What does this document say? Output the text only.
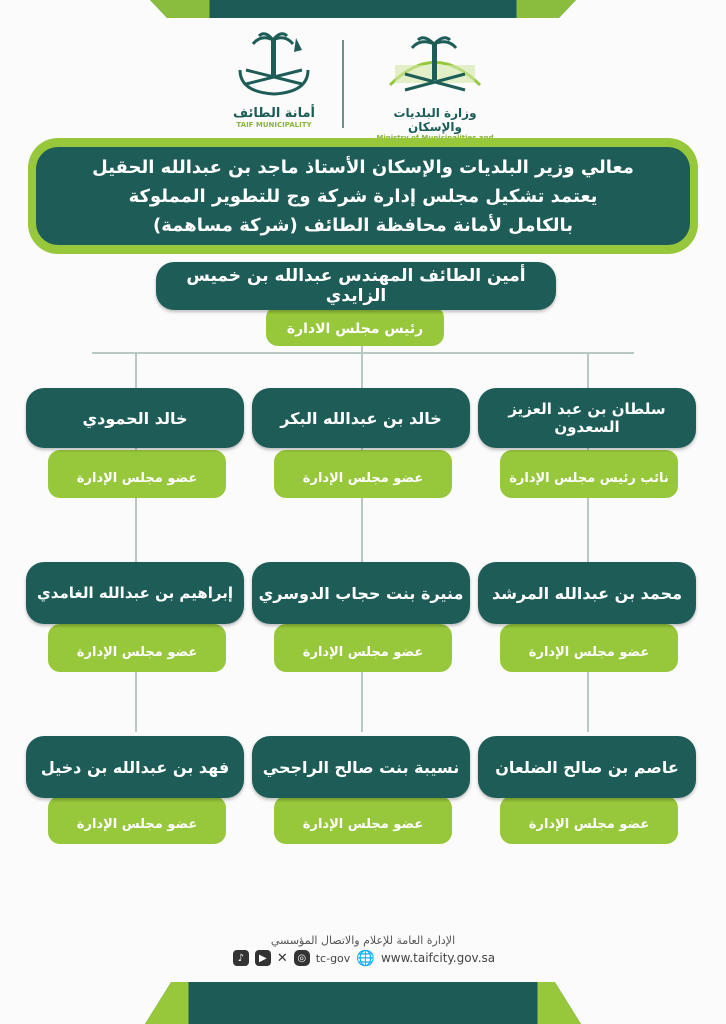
وزارة البلديات والإسكان
أمانة الطائف
TAIF MUNICIPALITY
معالي وزير البلديات والإسكان الأستاذ ماجد بن عبدالله الحقيل
يعتمد تشكيل مجلس إدارة شركة وج للتطوير المملوكة
بالكامل لأمانة محافظة الطائف (شركة مساهمة)
رئيس مجلس الادارة
أمين الطائف المهندس عبدالله بن خميس الزايدي
نائب رئيس مجلس الإدارة
سلطان بن عبد العزيز السعدون
عضو مجلس الإدارة
خالد بن عبدالله البكر
عضو مجلس الإدارة
خالد الحمودي
عضو مجلس الإدارة
محمد بن عبدالله المرشد
عضو مجلس الإدارة
منيرة بنت حجاب الدوسري
عضو مجلس الإدارة
إبراهيم بن عبدالله الغامدي
عضو مجلس الإدارة
عاصم بن صالح الضلعان
عضو مجلس الإدارة
نسيبة بنت صالح الراجحي
عضو مجلس الإدارة
فهد بن عبدالله بن دخيل
الإدارة العامة للإعلام والاتصال المؤسسي
♪	▶ ✕ ◎ tc-gov 🌐 www.taifcity.gov.sa
